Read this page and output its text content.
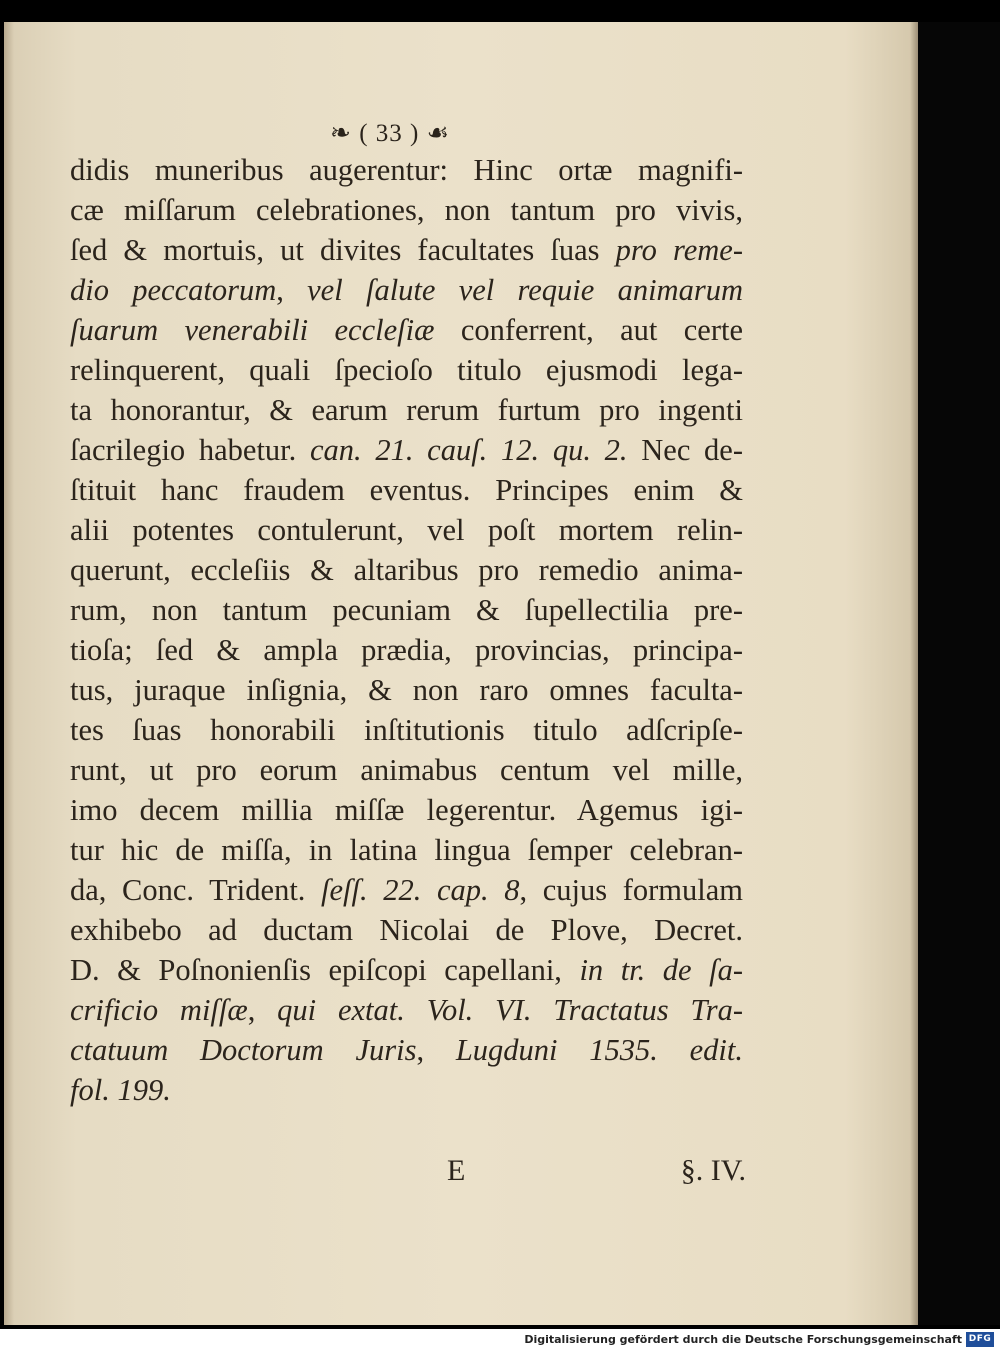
❧ ( 33 ) ☙
didis muneribus augerentur: Hinc ortæ magnifi-
cæ miſſarum celebrationes, non tantum pro vivis,
ſed & mortuis, ut divites facultates ſuas pro reme-
dio peccatorum, vel ſalute vel requie animarum
ſuarum venerabili eccleſiæ conferrent, aut certe
relinquerent, quali ſpecioſo titulo ejusmodi lega-
ta honorantur, & earum rerum furtum pro ingenti
ſacrilegio habetur. can. 21. cauſ. 12. qu. 2. Nec de-
ſtituit hanc fraudem eventus. Principes enim &
alii potentes contulerunt, vel poſt mortem relin-
querunt, eccleſiis & altaribus pro remedio anima-
rum, non tantum pecuniam & ſupellectilia pre-
tioſa; ſed & ampla prædia, provincias, principa-
tus, juraque inſignia, & non raro omnes faculta-
tes ſuas honorabili inſtitutionis titulo adſcripſe-
runt, ut pro eorum animabus centum vel mille,
imo decem millia miſſæ legerentur. Agemus igi-
tur hic de miſſa, in latina lingua ſemper celebran-
da, Conc. Trident. ſeſſ. 22. cap. 8, cujus formulam
exhibebo ad ductam Nicolai de Plove, Decret.
D. & Poſnonienſis epiſcopi capellani, in tr. de ſa-
crificio miſſæ, qui extat. Vol. VI. Tractatus Tra-
ctatuum Doctorum Juris, Lugduni 1535. edit.
fol. 199.
E	§. IV.
Digitalisierung gefördert durch die Deutsche Forschungsgemeinschaft DFG
